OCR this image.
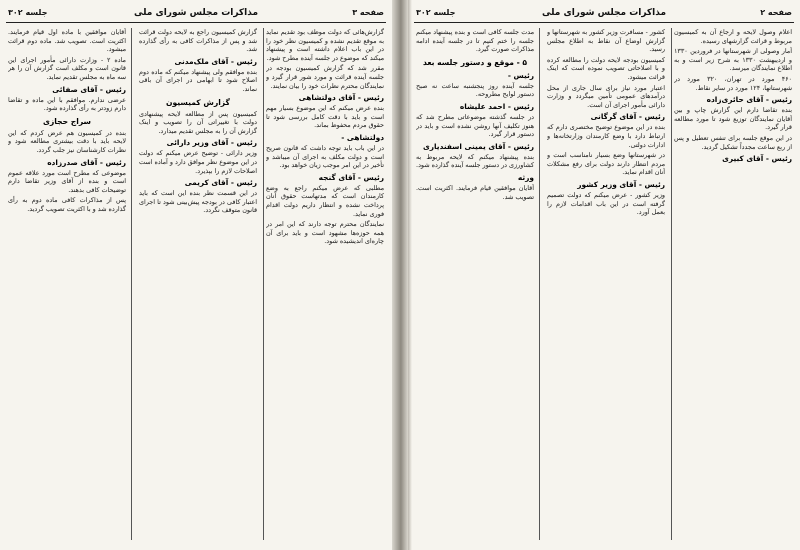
صفحه ۳
مذاکرات مجلس شورای ملی
جلسه ۳۰۲

گزارش‌هائی که دولت موظف بود تقدیم نماید به موقع تقدیم نشده و کمیسیون نظر خود را در این باب اعلام داشته است و پیشنهاد میکند که موضوع در جلسه آینده مطرح شود.

مقرر شد که گزارش کمیسیون بودجه در جلسه آینده قرائت و مورد شور قرار گیرد و نمایندگان محترم نظرات خود را بیان نمایند.

رئیس - آقای دولتشاهی

بنده عرض میکنم که این موضوع بسیار مهم است و باید با دقت کامل بررسی شود تا حقوق مردم محفوظ بماند.

دولتشاهی -

در این باب باید توجه داشت که قانون صریح است و دولت مکلف به اجرای آن میباشد و تأخیر در این امر موجب زیان خواهد بود.

رئیس - آقای گنجه

مطلبی که عرض میکنم راجع به وضع کارمندان است که مدتهاست حقوق آنان پرداخت نشده و انتظار داریم دولت اقدام فوری نماید.

نمایندگان محترم توجه دارند که این امر در همه حوزه‌ها مشهود است و باید برای آن چاره‌ای اندیشیده شود.

گزارش کمیسیون راجع به لایحه دولت قرائت شد و پس از مذاکرات کافی به رأی گذارده شد.

رئیس - آقای ملک‌مدنی

بنده موافقم ولی پیشنهاد میکنم که ماده دوم اصلاح شود تا ابهامی در اجرای آن باقی نماند.

گزارش کمیسیون

کمیسیون پس از مطالعه لایحه پیشنهادی دولت با تغییراتی آن را تصویب و اینک گزارش آن را به مجلس تقدیم میدارد.

رئیس - آقای وزیر دارائی

وزیر دارائی - توضیح عرض میکنم که دولت در این موضوع نظر موافق دارد و آماده است اصلاحات لازم را بپذیرد.

رئیس - آقای کریمی

در این قسمت نظر بنده این است که باید اعتبار کافی در بودجه پیش‌بینی شود تا اجرای قانون متوقف نگردد.

آقایان موافقین با ماده اول قیام فرمایند. اکثریت است. تصویب شد. ماده دوم قرائت میشود.

ماده ۲ - وزارت دارائی مأمور اجرای این قانون است و مکلف است گزارش آن را هر سه ماه به مجلس تقدیم نماید.

رئیس - آقای صفائی

عرضی ندارم. موافقم با این ماده و تقاضا دارم زودتر به رأی گذارده شود.

سراج حجازی

بنده در کمیسیون هم عرض کردم که این لایحه باید با دقت بیشتری مطالعه شود و نظرات کارشناسان نیز جلب گردد.

رئیس - آقای صدرزاده

موضوعی که مطرح است مورد علاقه عموم است و بنده از آقای وزیر تقاضا دارم توضیحات کافی بدهند.

پس از مذاکرات کافی ماده دوم به رأی گذارده شد و با اکثریت تصویب گردید.

صفحه ۲
مذاکرات مجلس شورای ملی
جلسه ۳۰۲

اعلام وصول لایحه و ارجاع آن به کمیسیون مربوط و قرائت گزارشهای رسیده.

آمار وصولی از شهرستانها در فروردین ۱۳۳۰ و اردیبهشت ۱۳۳۰ به شرح زیر است و به اطلاع نمایندگان میرسد.

۴۶۰ مورد در تهران، ۳۲۰ مورد در شهرستانها، ۱۲۴ مورد در سایر نقاط.

رئیس - آقای حائری‌زاده

بنده تقاضا دارم این گزارش چاپ و بین آقایان نمایندگان توزیع شود تا مورد مطالعه قرار گیرد.

در این موقع جلسه برای تنفس تعطیل و پس از ربع ساعت مجدداً تشکیل گردید.

رئیس - آقای کبیری

کشور - مسافرت وزیر کشور به شهرستانها و گزارش اوضاع آن نقاط به اطلاع مجلس رسید.

کمیسیون بودجه لایحه دولت را مطالعه کرده و با اصلاحاتی تصویب نموده است که اینک قرائت میشود.

اعتبار مورد نیاز برای سال جاری از محل درآمدهای عمومی تأمین میگردد و وزارت دارائی مأمور اجرای آن است.

رئیس - آقای گرگانی

بنده در این موضوع توضیح مختصری دارم که ارتباط دارد با وضع کارمندان وزارتخانه‌ها و ادارات دولتی.

در شهرستانها وضع بسیار نامناسب است و مردم انتظار دارند دولت برای رفع مشکلات آنان اقدام نماید.

رئیس - آقای وزیر کشور

وزیر کشور - عرض میکنم که دولت تصمیم گرفته است در این باب اقدامات لازم را بعمل آورد.

مدت جلسه کافی است و بنده پیشنهاد میکنم جلسه را ختم کنیم تا در جلسه آینده ادامه مذاکرات صورت گیرد.

۵ - موقع و دستور جلسه بعد
رئیس -

جلسه آینده روز پنجشنبه ساعت نه صبح دستور لوایح مطروحه.

رئیس - احمد علیشاه

در جلسه گذشته موضوعاتی مطرح شد که هنوز تکلیف آنها روشن نشده است و باید در دستور قرار گیرد.

رئیس - آقای یمینی اسفندیاری

بنده پیشنهاد میکنم که لایحه مربوط به کشاورزی در دستور جلسه آینده گذارده شود.

ورثه

آقایان موافقین قیام فرمایند. اکثریت است. تصویب شد.
